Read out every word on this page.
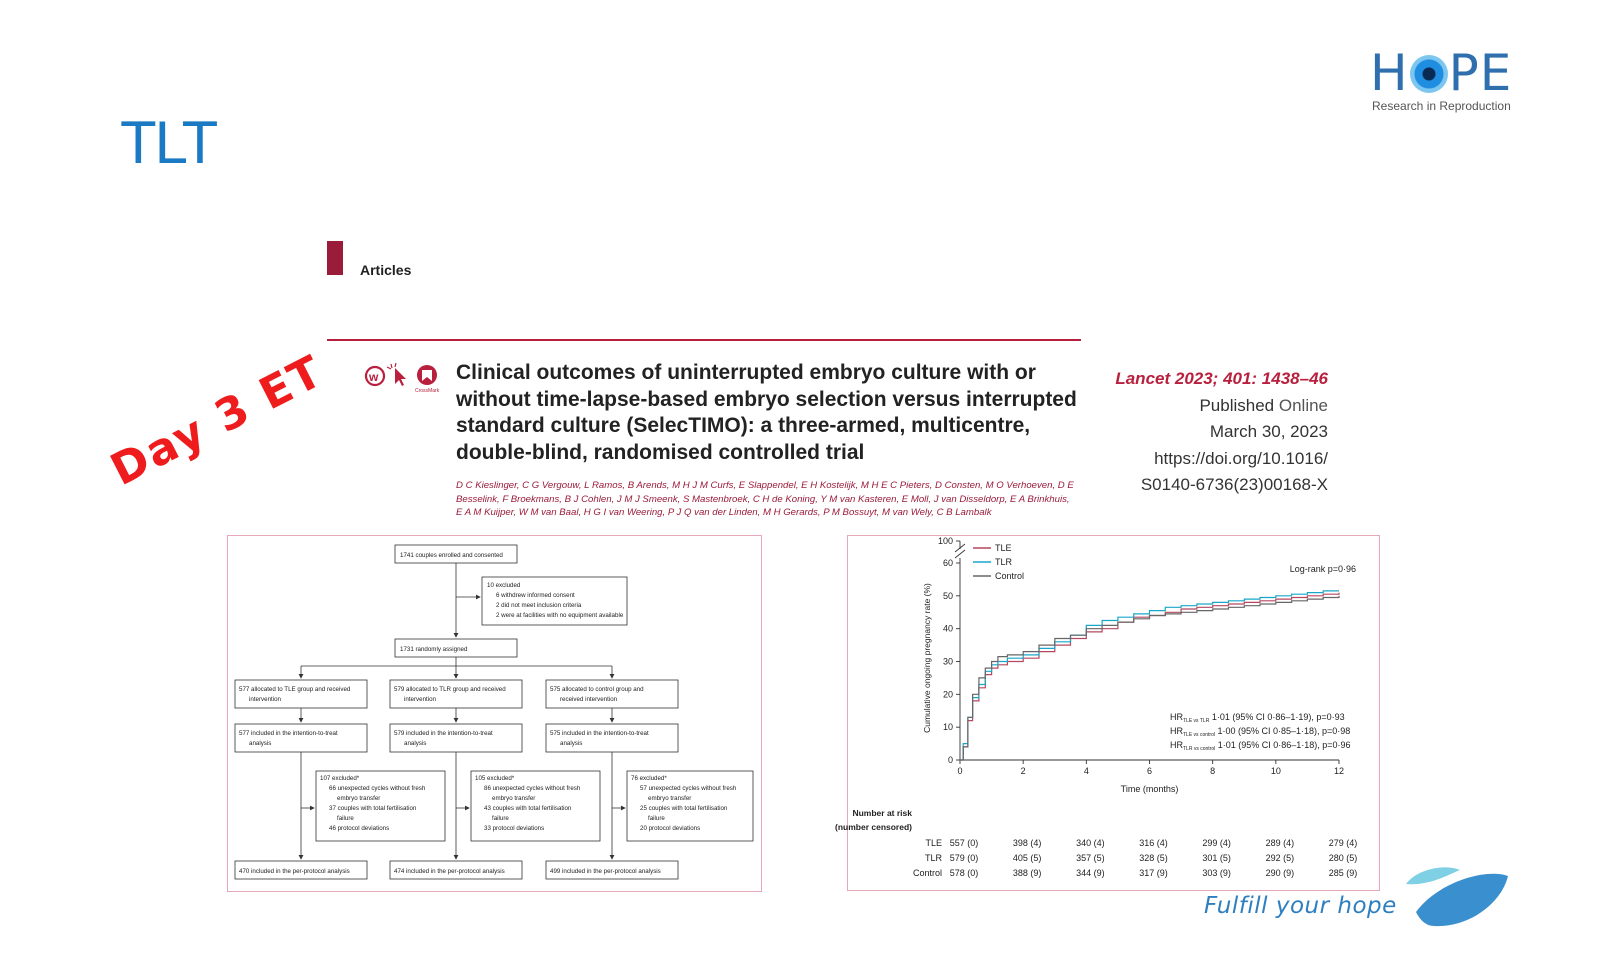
TLT
H PE
Research in Reproduction
Articles
w
CrossMark
Clinical outcomes of uninterrupted embryo culture with or without time-lapse-based embryo selection versus interrupted standard culture (SelecTIMO): a three-armed, multicentre, double-blind, randomised controlled trial
D C Kieslinger, C G Vergouw, L Ramos, B Arends, M H J M Curfs, E Slappendel, E H Kostelijk, M H E C Pieters, D Consten, M O Verhoeven, D E Besselink, F Broekmans, B J Cohlen, J M J Smeenk, S Mastenbroek, C H de Koning, Y M van Kasteren, E Moll, J van Disseldorp, E A Brinkhuis, E A M Kuijper, W M van Baal, H G I van Weering, P J Q van der Linden, M H Gerards, P M Bossuyt, M van Wely, C B Lambalk
Lancet 2023; 401: 1438–46
Published Online
March 30, 2023
https://doi.org/10.1016/
S0140-6736(23)00168-X
Day 3 ET
1741 couples enrolled and consented
10 excluded
6 withdrew informed consent
2 did not meet inclusion criteria
2 were at facilities with no equipment available
1731 randomly assigned
577 allocated to TLE group and received
intervention
577 included in the intention-to-treat
analysis
107 excluded*
66 unexpected cycles without fresh
embryo transfer
37 couples with total fertilisation
failure
46 protocol deviations
470 included in the per-protocol analysis
579 allocated to TLR group and received
intervention
579 included in the intention-to-treat
analysis
105 excluded*
86 unexpected cycles without fresh
embryo transfer
43 couples with total fertilisation
failure
33 protocol deviations
474 included in the per-protocol analysis
575 allocated to control group and
received intervention
575 included in the intention-to-treat
analysis
76 excluded*
57 unexpected cycles without fresh
embryo transfer
25 couples with total fertilisation
failure
20 protocol deviations
499 included in the per-protocol analysis
0
10
20
30
40
50
60
100
0	2	4	6	8	10	12
Time (months)
Cumulative ongoing pregnancy rate (%)
Log-rank p=0·96
$HR_{TLE vs TLR}$ 1·01 (95% CI 0·86–1·19), p=0·93
$HR_{TLE vs control}$ 1·00 (95% CI 0·85–1·18), p=0·98
$HR_{TLR vs control}$ 1·01 (95% CI 0·86–1·18), p=0·96
TLE
TLR
Control
Number at risk
(number censored)
TLE 557 (0)	398 (4)	340 (4)	316 (4)	299 (4)	289 (4)	279 (4)
TLR 579 (0)	405 (5)	357 (5)	328 (5)	301 (5)	292 (5)	280 (5)
Control 578 (0)	388 (9)	344 (9)	317 (9)	303 (9)	290 (9)	285 (9)
Fulfill your hope
